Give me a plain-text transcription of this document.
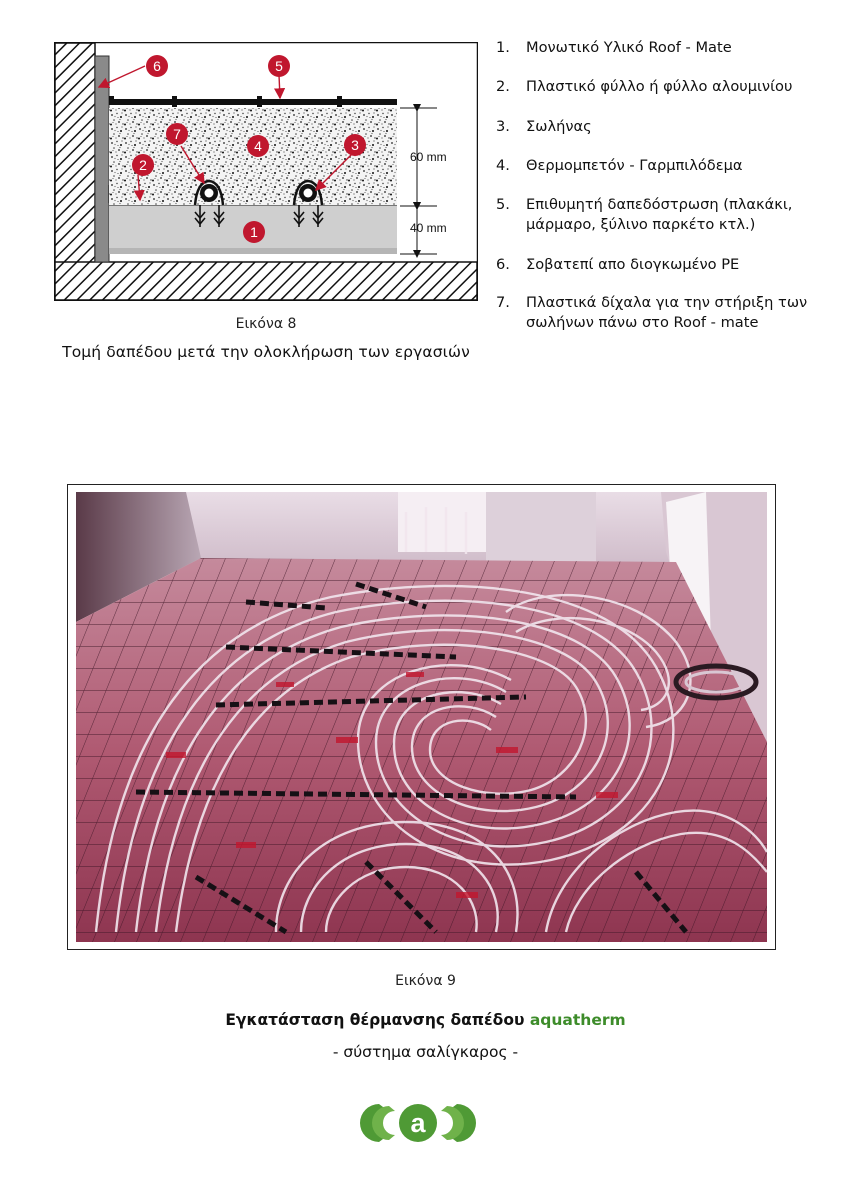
60 mm
40 mm
6	5
7
4	3
2
1
Εικόνα 8
Τομή δαπέδου μετά την ολοκλήρωση των εργασιών
1.	Μονωτικό Υλικό Roof - Mate
2.	Πλαστικό φύλλο ή φύλλο αλουμινίου
3.	Σωλήνας
4.	Θερμομπετόν - Γαρμπιλόδεμα
5.	Επιθυμητή δαπεδόστρωση (πλακάκι, μάρμαρο, ξύλινο παρκέτο κτλ.)
6.	Σοβατεπί απο διογκωμένο PE
7.	Πλαστικά δίχαλα για την στήριξη των σωλήνων πάνω στο Roof - mate
Εικόνα 9
Εγκατάσταση θέρμανσης δαπέδου aquatherm
- σύστημα σαλίγκαρος -
a
